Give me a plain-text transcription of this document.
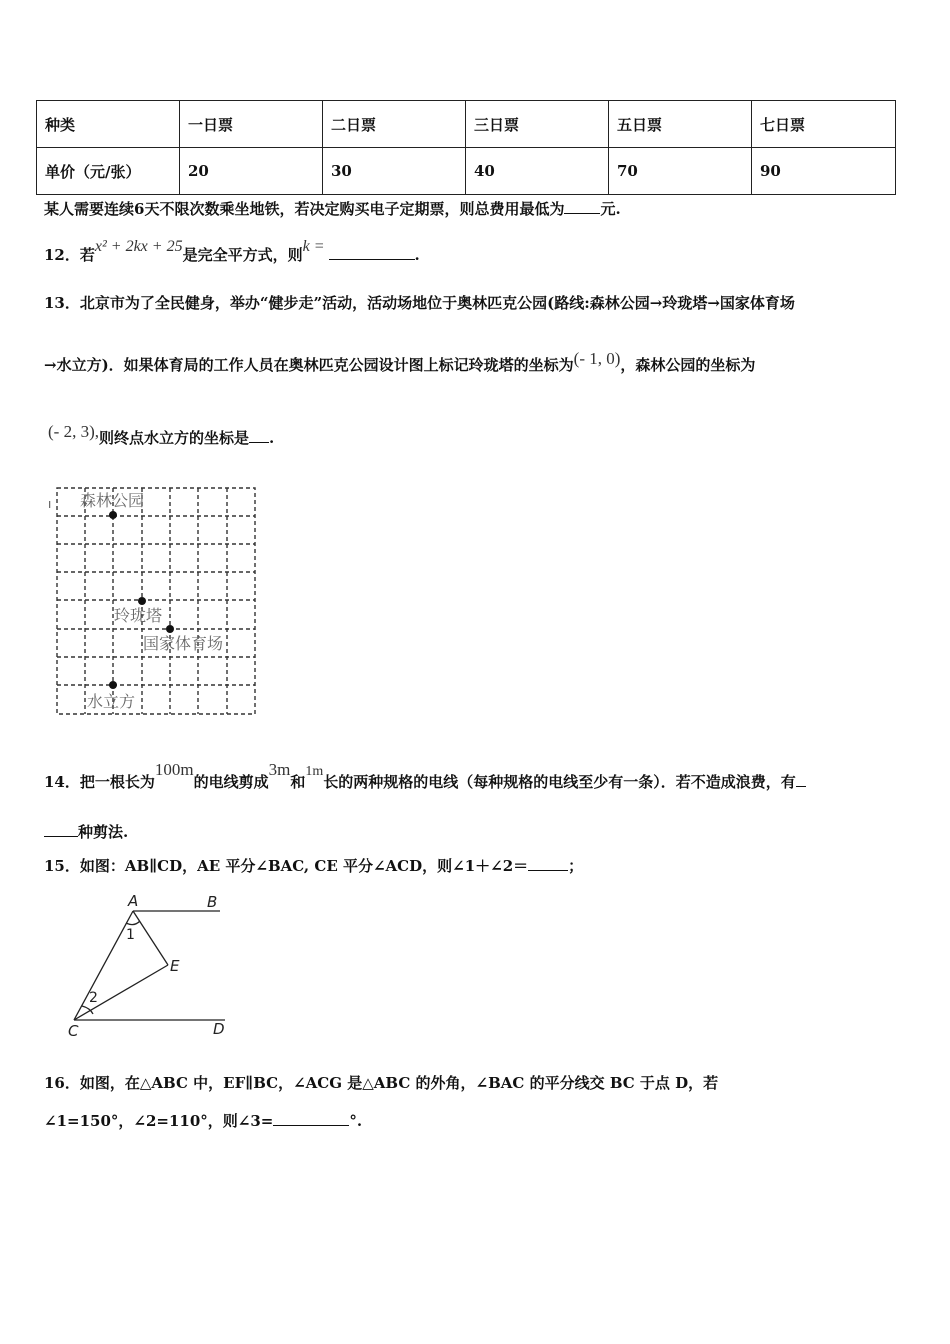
种类	一日票	二日票	三日票	五日票	七日票
单价（元/张）	20	30	40	70	90
某人需要连续6天不限次数乘坐地铁，若决定购买电子定期票，则总费用最低为 元.
12．若x² + 2kx + 25是完全平方式，则k =	.
13．北京市为了全民健身，举办“健步走”活动，活动场地位于奥林匹克公园(路线:森林公园→玲珑塔→国家体育场
→水立方)．如果体育局的工作人员在奥林匹克公园设计图上标记玲珑塔的坐标为(- 1, 0)，森林公园的坐标为
(- 2, 3),则终点水立方的坐标是 .
ı 森林公园
玲珑塔
国家体育场
水立方
14．把一根长为100m的电线剪成3m和1m长的两种规格的电线（每种规格的电线至少有一条）．若不造成浪费，有
种剪法.
15．如图：AB∥CD，AE 平分∠BAC, CE 平分∠ACD，则∠1＋∠2＝	；
A	B
C	D
E
1
2
16．如图，在△ABC 中，EF∥BC，∠ACG 是△ABC 的外角，∠BAC 的平分线交 BC 于点 D，若
∠1=150°，∠2=110°，则∠3=	°.
